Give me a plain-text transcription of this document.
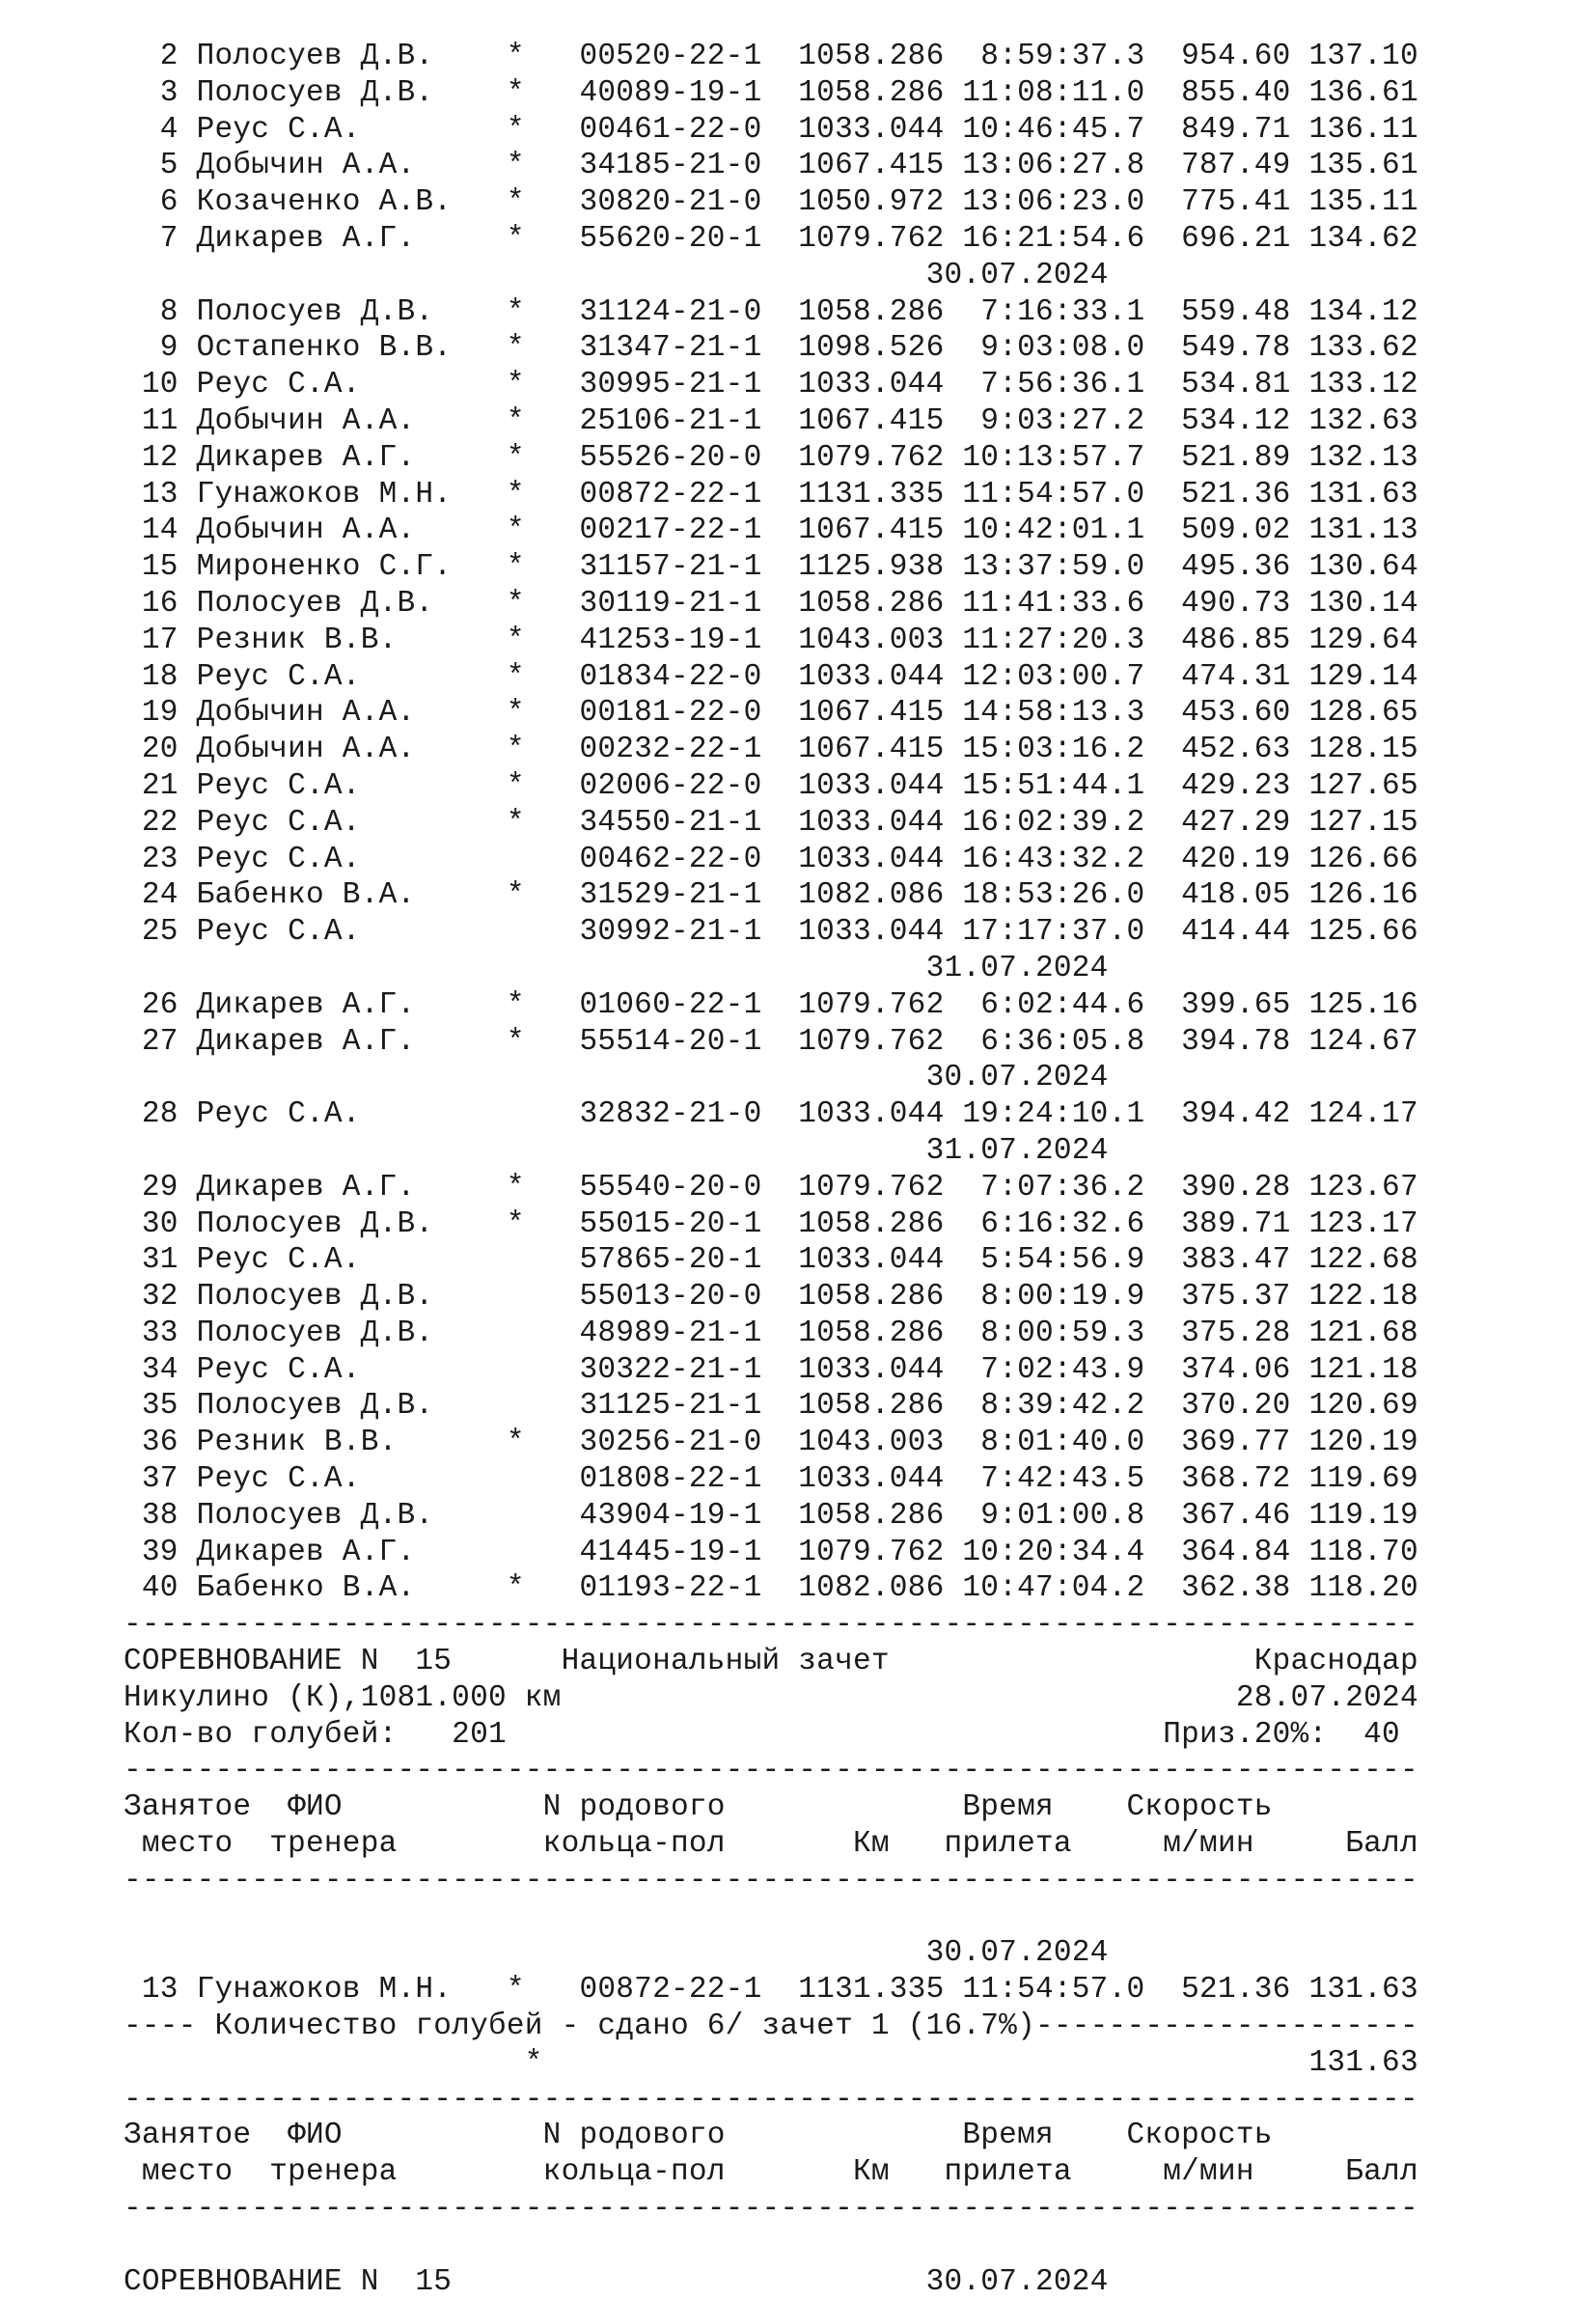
2 Полосуев Д.В.    *   00520-22-1  1058.286  8:59:37.3  954.60 137.10
3 Полосуев Д.В.    *   40089-19-1  1058.286 11:08:11.0  855.40 136.61
4 Реус С.А.        *   00461-22-0  1033.044 10:46:45.7  849.71 136.11
5 Добычин А.А.     *   34185-21-0  1067.415 13:06:27.8  787.49 135.61
6 Козаченко А.В.   *   30820-21-0  1050.972 13:06:23.0  775.41 135.11
7 Дикарев А.Г.     *   55620-20-1  1079.762 16:21:54.6  696.21 134.62
30.07.2024
8 Полосуев Д.В.    *   31124-21-0  1058.286  7:16:33.1  559.48 134.12
9 Остапенко В.В.   *   31347-21-1  1098.526  9:03:08.0  549.78 133.62
10 Реус С.А.        *   30995-21-1  1033.044  7:56:36.1  534.81 133.12
11 Добычин А.А.     *   25106-21-1  1067.415  9:03:27.2  534.12 132.63
12 Дикарев А.Г.     *   55526-20-0  1079.762 10:13:57.7  521.89 132.13
13 Гунажоков М.Н.   *   00872-22-1  1131.335 11:54:57.0  521.36 131.63
14 Добычин А.А.     *   00217-22-1  1067.415 10:42:01.1  509.02 131.13
15 Мироненко С.Г.   *   31157-21-1  1125.938 13:37:59.0  495.36 130.64
16 Полосуев Д.В.    *   30119-21-1  1058.286 11:41:33.6  490.73 130.14
17 Резник В.В.      *   41253-19-1  1043.003 11:27:20.3  486.85 129.64
18 Реус С.А.        *   01834-22-0  1033.044 12:03:00.7  474.31 129.14
19 Добычин А.А.     *   00181-22-0  1067.415 14:58:13.3  453.60 128.65
20 Добычин А.А.     *   00232-22-1  1067.415 15:03:16.2  452.63 128.15
21 Реус С.А.        *   02006-22-0  1033.044 15:51:44.1  429.23 127.65
22 Реус С.А.        *   34550-21-1  1033.044 16:02:39.2  427.29 127.15
23 Реус С.А.            00462-22-0  1033.044 16:43:32.2  420.19 126.66
24 Бабенко В.А.     *   31529-21-1  1082.086 18:53:26.0  418.05 126.16
25 Реус С.А.            30992-21-1  1033.044 17:17:37.0  414.44 125.66
31.07.2024
26 Дикарев А.Г.     *   01060-22-1  1079.762  6:02:44.6  399.65 125.16
27 Дикарев А.Г.     *   55514-20-1  1079.762  6:36:05.8  394.78 124.67
30.07.2024
28 Реус С.А.            32832-21-0  1033.044 19:24:10.1  394.42 124.17
31.07.2024
29 Дикарев А.Г.     *   55540-20-0  1079.762  7:07:36.2  390.28 123.67
30 Полосуев Д.В.    *   55015-20-1  1058.286  6:16:32.6  389.71 123.17
31 Реус С.А.            57865-20-1  1033.044  5:54:56.9  383.47 122.68
32 Полосуев Д.В.        55013-20-0  1058.286  8:00:19.9  375.37 122.18
33 Полосуев Д.В.        48989-21-1  1058.286  8:00:59.3  375.28 121.68
34 Реус С.А.            30322-21-1  1033.044  7:02:43.9  374.06 121.18
35 Полосуев Д.В.        31125-21-1  1058.286  8:39:42.2  370.20 120.69
36 Резник В.В.      *   30256-21-0  1043.003  8:01:40.0  369.77 120.19
37 Реус С.А.            01808-22-1  1033.044  7:42:43.5  368.72 119.69
38 Полосуев Д.В.        43904-19-1  1058.286  9:01:00.8  367.46 119.19
39 Дикарев А.Г.         41445-19-1  1079.762 10:20:34.4  364.84 118.70
40 Бабенко В.А.     *   01193-22-1  1082.086 10:47:04.2  362.38 118.20
-----------------------------------------------------------------------
СОРЕВНОВАНИЕ N  15      Национальный зачет                    Краснодар
Никулино (К),1081.000 км                                     28.07.2024
Кол-во голубей:   201                                    Приз.20%:  40
-----------------------------------------------------------------------
Занятое  ФИО           N родового             Время    Скорость
место  тренера        кольца-пол       Км   прилета     м/мин     Балл
-----------------------------------------------------------------------
30.07.2024
13 Гунажоков М.Н.   *   00872-22-1  1131.335 11:54:57.0  521.36 131.63
---- Количество голубей - сдано 6/ зачет 1 (16.7%)---------------------
*                                          131.63
-----------------------------------------------------------------------
Занятое  ФИО           N родового             Время    Скорость
место  тренера        кольца-пол       Км   прилета     м/мин     Балл
-----------------------------------------------------------------------
СОРЕВНОВАНИЕ N  15                          30.07.2024
